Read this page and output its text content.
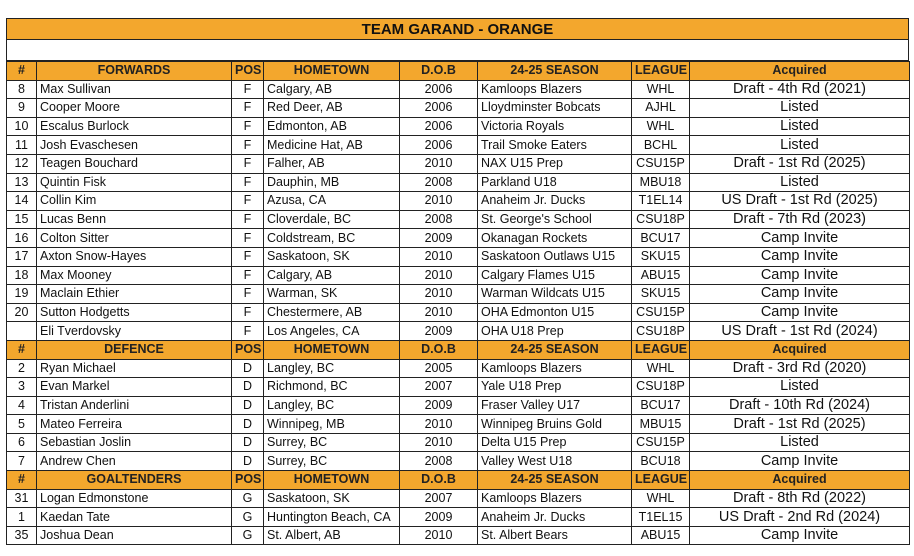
TEAM GARAND - ORANGE
#	FORWARDS	POS	HOMETOWN	D.O.B	24-25 SEASON	LEAGUE	Acquired
8	Max Sullivan	F	Calgary, AB	2006	Kamloops Blazers	WHL	Draft - 4th Rd (2021)
9	Cooper Moore	F	Red Deer, AB	2006	Lloydminster Bobcats	AJHL	Listed
10	Escalus Burlock	F	Edmonton, AB	2006	Victoria Royals	WHL	Listed
11	Josh Evaschesen	F	Medicine Hat, AB	2006	Trail Smoke Eaters	BCHL	Listed
12	Teagen Bouchard	F	Falher, AB	2010	NAX U15 Prep	CSU15P	Draft - 1st Rd (2025)
13	Quintin Fisk	F	Dauphin, MB	2008	Parkland U18	MBU18	Listed
14	Collin Kim	F	Azusa, CA	2010	Anaheim Jr. Ducks	T1EL14	US Draft - 1st Rd (2025)
15	Lucas Benn	F	Cloverdale, BC	2008	St. George's School	CSU18P	Draft - 7th Rd (2023)
16	Colton Sitter	F	Coldstream, BC	2009	Okanagan Rockets	BCU17	Camp Invite
17	Axton Snow-Hayes	F	Saskatoon, SK	2010	Saskatoon Outlaws U15	SKU15	Camp Invite
18	Max Mooney	F	Calgary, AB	2010	Calgary Flames U15	ABU15	Camp Invite
19	Maclain Ethier	F	Warman, SK	2010	Warman Wildcats U15	SKU15	Camp Invite
20	Sutton Hodgetts	F	Chestermere, AB	2010	OHA Edmonton U15	CSU15P	Camp Invite
	Eli Tverdovsky	F	Los Angeles, CA	2009	OHA U18 Prep	CSU18P	US Draft - 1st Rd (2024)
#	DEFENCE	POS	HOMETOWN	D.O.B	24-25 SEASON	LEAGUE	Acquired
2	Ryan Michael	D	Langley, BC	2005	Kamloops Blazers	WHL	Draft - 3rd Rd (2020)
3	Evan Markel	D	Richmond, BC	2007	Yale U18 Prep	CSU18P	Listed
4	Tristan Anderlini	D	Langley, BC	2009	Fraser Valley U17	BCU17	Draft - 10th Rd (2024)
5	Mateo Ferreira	D	Winnipeg, MB	2010	Winnipeg Bruins Gold	MBU15	Draft - 1st Rd (2025)
6	Sebastian Joslin	D	Surrey, BC	2010	Delta U15 Prep	CSU15P	Listed
7	Andrew Chen	D	Surrey, BC	2008	Valley West U18	BCU18	Camp Invite
#	GOALTENDERS	POS	HOMETOWN	D.O.B	24-25 SEASON	LEAGUE	Acquired
31	Logan Edmonstone	G	Saskatoon, SK	2007	Kamloops Blazers	WHL	Draft - 8th Rd (2022)
1	Kaedan Tate	G	Huntington Beach, CA	2009	Anaheim Jr. Ducks	T1EL15	US Draft - 2nd Rd (2024)
35	Joshua Dean	G	St. Albert, AB	2010	St. Albert Bears	ABU15	Camp Invite
